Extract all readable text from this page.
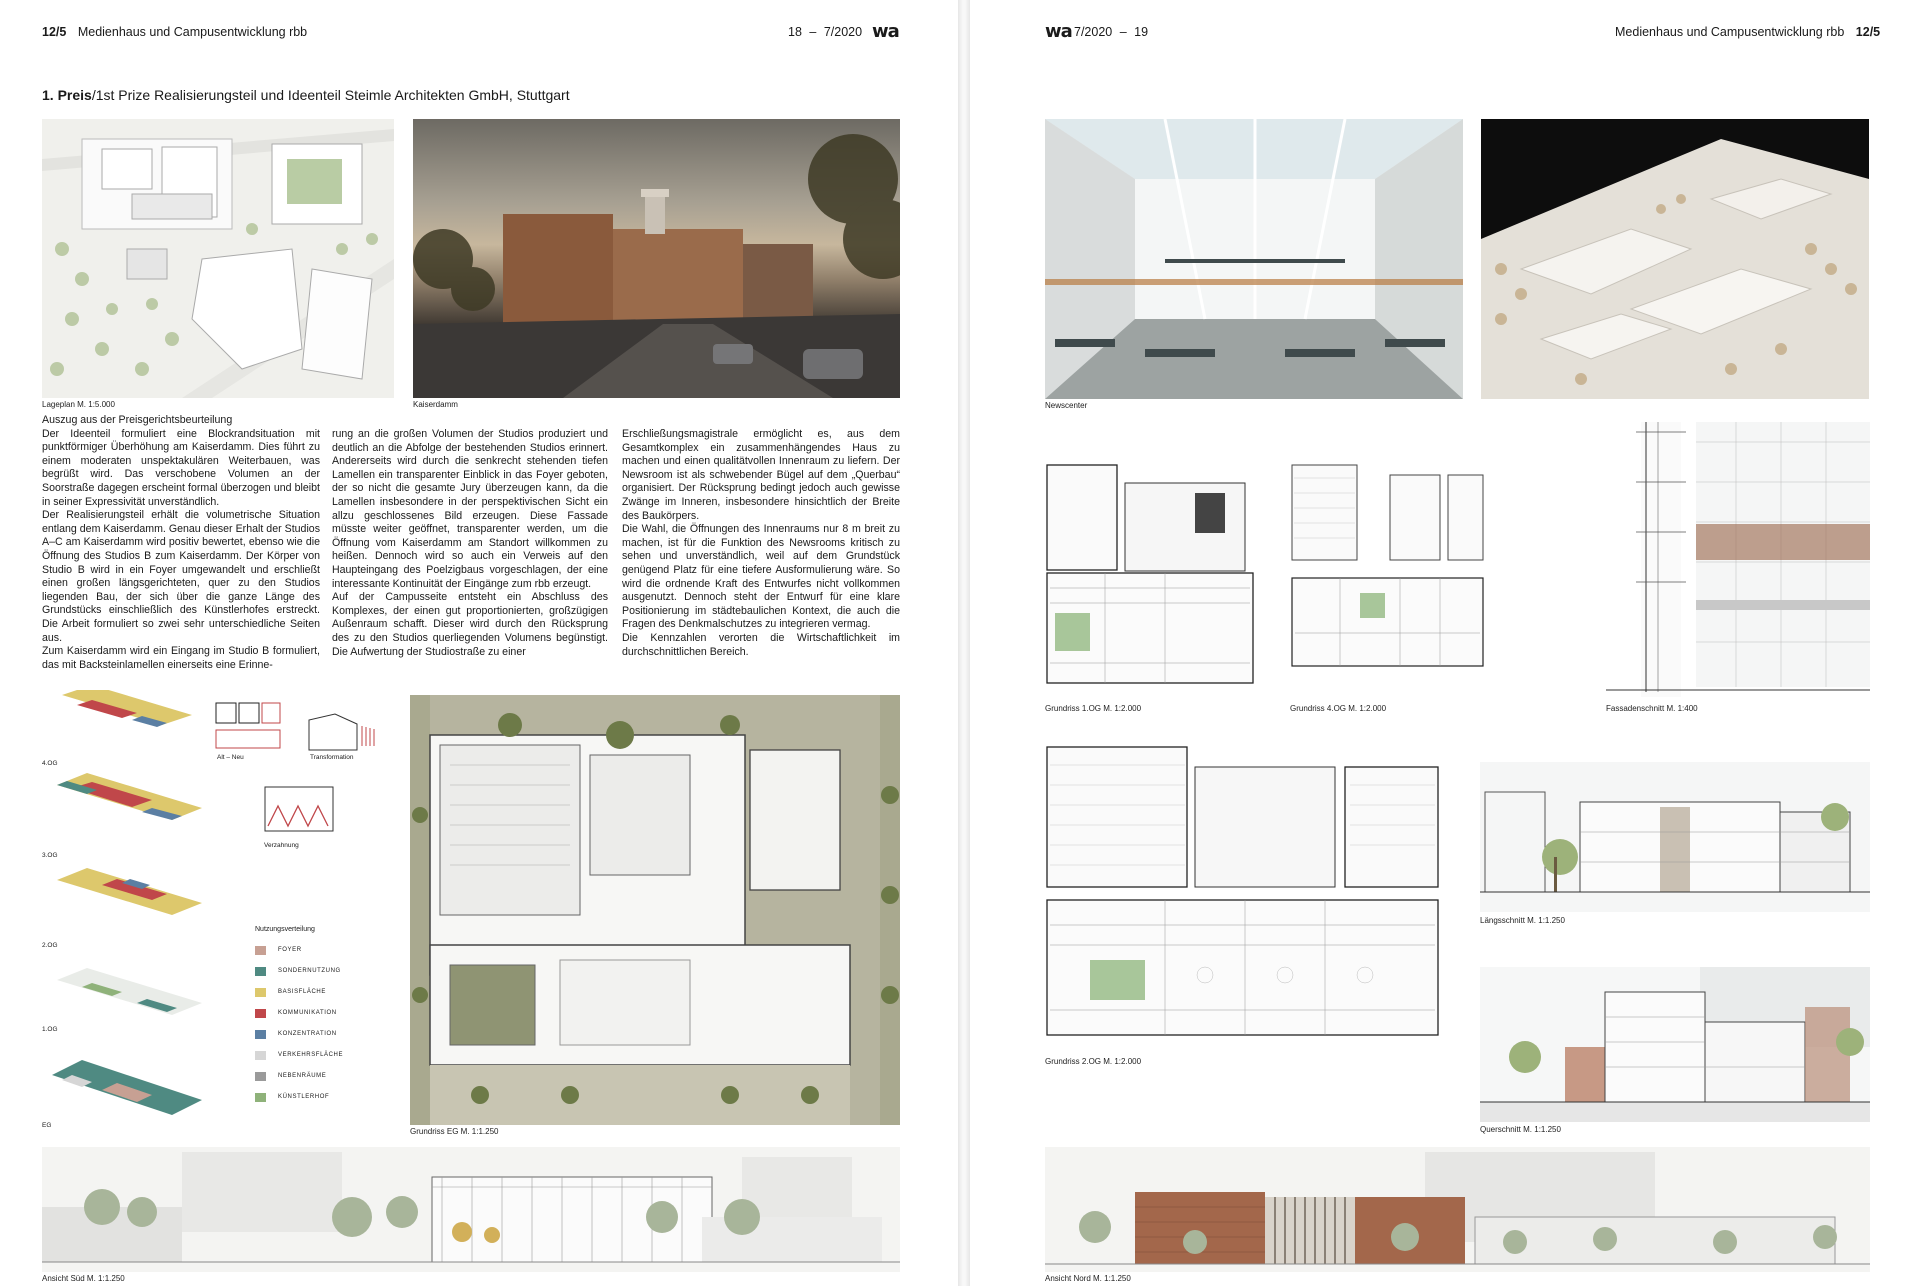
12/5 Medienhaus und Campusentwicklung rbb	18 – 7/2020 wa
1. Preis/1st Prize Realisierungsteil und Ideenteil Steimle Architekten GmbH, Stuttgart
Lageplan M. 1:5.000	Kaiserdamm

Auszug aus der Preisgerichtsbeurteilung

Der Ideenteil formuliert eine Blockrandsituation mit punktförmiger Überhöhung am Kaiserdamm. Dies führt zu einem moderaten unspektakulären Weiterbauen, was begrüßt wird. Das verschobene Volumen an der Soorstraße dagegen erscheint formal überzogen und bleibt in seiner Expressivität unverständlich.

Der Realisierungsteil erhält die volumetrische Situation entlang dem Kaiserdamm. Genau dieser Erhalt der Studios A–C am Kaiserdamm wird positiv bewertet, ebenso wie die Öffnung des Studios B zum Kaiserdamm. Der Körper von Studio B wird in ein Foyer umgewandelt und erschließt einen großen längsgerichteten, quer zu den Studios liegenden Bau, der sich über die ganze Länge des Grundstücks einschließlich des Künstlerhofes erstreckt. Die Arbeit formuliert so zwei sehr unterschiedliche Seiten aus.

Zum Kaiserdamm wird ein Eingang im Studio B formuliert, das mit Backsteinlamellen einerseits eine Erinne-

rung an die großen Volumen der Studios produziert und deutlich an die Abfolge der bestehenden Studios erinnert. Andererseits wird durch die senkrecht stehenden tiefen Lamellen ein transparenter Einblick in das Foyer geboten, der so nicht die gesamte Jury überzeugen kann, da die Lamellen insbesondere in der perspektivischen Sicht ein allzu geschlossenes Bild erzeugen. Diese Fassade müsste weiter geöffnet, transparenter werden, um die Öffnung vom Kaiserdamm am Standort willkommen zu heißen. Dennoch wird so auch ein Verweis auf den Haupteingang des Poelzigbaus vorgeschlagen, der eine interessante Kontinuität der Eingänge zum rbb erzeugt.

Auf der Campusseite entsteht ein Abschluss des Komplexes, der einen gut proportionierten, großzügigen Außenraum schafft. Dieser wird durch den Rücksprung des zu den Studios querliegenden Volumens begünstigt. Die Aufwertung der Studiostraße zu einer

Erschließungsmagistrale ermöglicht es, aus dem Gesamtkomplex ein zusammenhängendes Haus zu machen und einen qualitätvollen Innenraum zu liefern. Der Newsroom ist als schwebender Bügel auf dem „Querbau“ organisiert. Der Rücksprung bedingt jedoch auch gewisse Zwänge im Inneren, insbesondere hinsichtlich der Breite des Baukörpers.

Die Wahl, die Öffnungen des Innenraums nur 8 m breit zu machen, ist für die Funktion des Newsrooms kritisch zu sehen und unverständlich, weil auf dem Grundstück genügend Platz für eine tiefere Ausformulierung wäre. So wird die ordnende Kraft des Entwurfes nicht vollkommen ausgenutzt. Dennoch steht der Entwurf für eine klare Positionierung im städtebaulichen Kontext, die auch die Fragen des Denkmalschutzes zu integrieren vermag.

Die Kennzahlen verorten die Wirtschaftlichkeit im durchschnittlichen Bereich.

4.OG
3.OG
2.OG
1.OG
EG
Alt – Neu	Transformation
Verzahnung
Nutzungsverteilung
FOYER
SONDERNUTZUNG
BASISFLÄCHE
KOMMUNIKATION
KONZENTRATION
VERKEHRSFLÄCHE
NEBENRÄUME
KÜNSTLERHOF
Grundriss EG M. 1:1.250
Ansicht Süd M. 1:1.250
wa 7/2020 – 19	Medienhaus und Campusentwicklung rbb 12/5
Newscenter
Grundriss 1.OG M. 1:2.000	Grundriss 4.OG M. 1:2.000	Fassadenschnitt M. 1:400
Grundriss 2.OG M. 1:2.000
Längsschnitt M. 1:1.250
Querschnitt M. 1:1.250
Ansicht Nord M. 1:1.250
